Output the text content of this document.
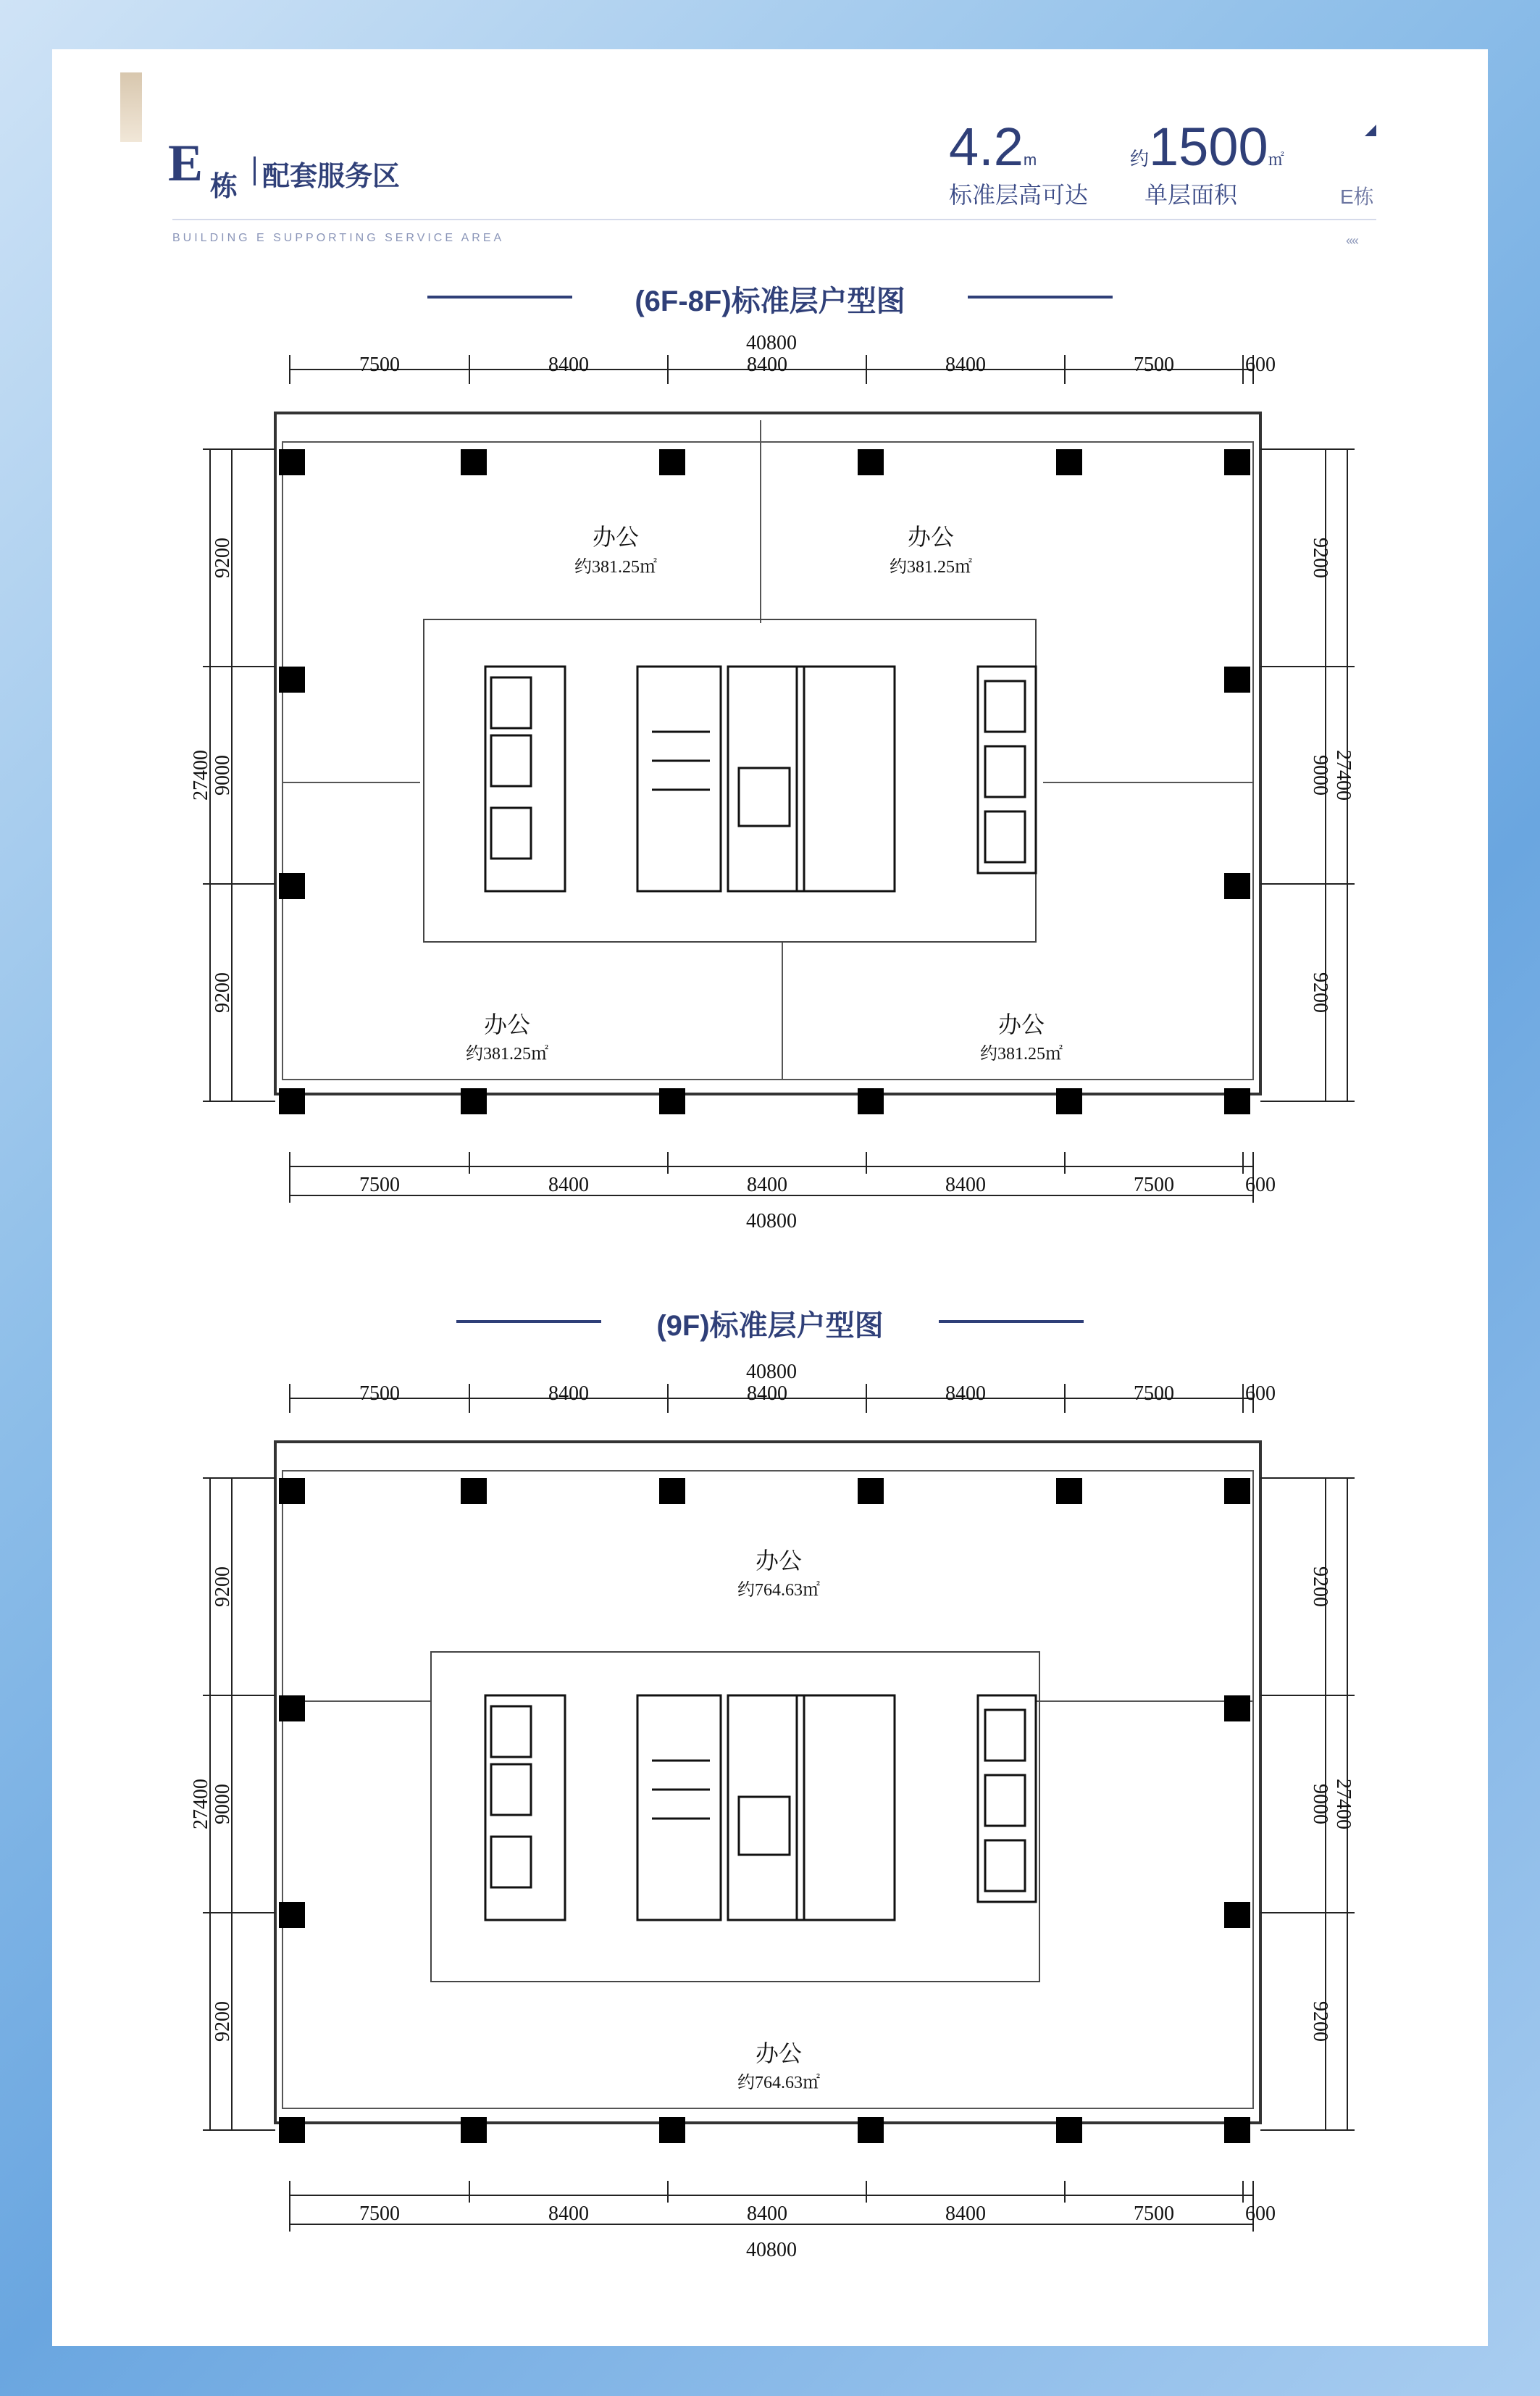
E 栋 配套服务区
BUILDING E SUPPORTING SERVICE AREA
4.2m
标准层高可达
约1500㎡
单层面积	E栋
‹‹‹‹
(6F-8F)标准层户型图
(9F)标准层户型图
40800
7500	8400	8400	8400	7500	600
9200
9000
9200
27400
9200
9000
9200
27400
办公
约381.25㎡
办公
约381.25㎡
办公
约381.25㎡
办公
约381.25㎡
7500	8400	8400	8400	7500	600
40800
40800
7500	8400	8400	8400	7500	600
9200
9000
9200
27400
9200
9000
9200
27400
办公
约764.63㎡
办公
约764.63㎡
7500	8400	8400	8400	7500	600
40800
